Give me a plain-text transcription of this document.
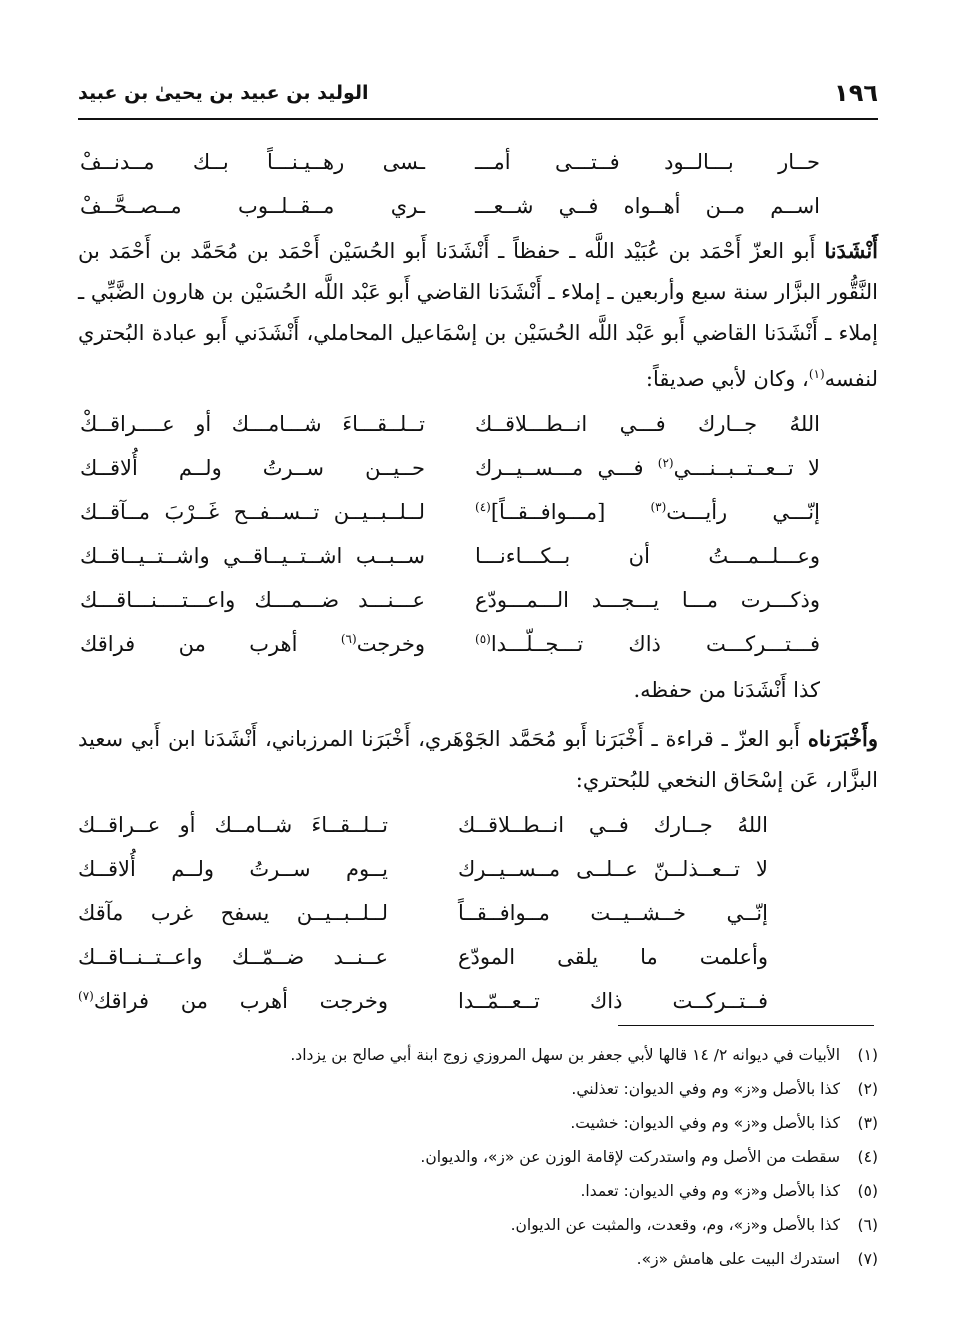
١٩٦
الوليد بن عبيد بن يحيىٰ بن عبيد
حــار بـــالــود فــتـــى أمـــ
ـسى رهــيـنـــاً بــك مــدنــفْ
اســم مــن أهــواه فــي شــعـــ
ـري مــقــلــوب مــصــحَّــفْ
أَنْشَدَنا أَبو العزّ أَحْمَد بن عُبَيْد اللَّه ـ حفظاً ـ أَنْشَدَنا أَبو الحُسَيْن أَحْمَد بن مُحَمَّد بن أَحْمَد بن النَّقُّور البزَّار سنة سبع وأربعين ـ إملاء ـ أَنْشَدَنا القاضي أَبو عَبْد اللَّه الحُسَيْن بن هارون الضَّبِّي ـ إملاء ـ أَنْشَدَنا القاضي أَبو عَبْد اللَّه الحُسَيْن بن إسْمَاعيل المحاملي، أَنْشَدَني أَبو عبادة البُحتري لنفسه$^{(١)}$، وكان لأبي صديقاً:
اللهُ جــارك فـــي انــطـــلاقــك
تــلــقـــاءَ شـــامـــك أو عــــراقــكْ
لا تــعــتــبــنـــي$^{(٢)}$ فـــي مـــســيــرك
حــيــن ســرتُ ولــم أُلاقــك
إنّـــي رأيـــت$^{(٣)}$ [مـــوافــقــاً]$^{(٤)}$
لــلــبــيــن تــســفــح غَــرْبَ مــآقــك
وعـــلــمـــتُ أن بــكـــاءنـــا
ســبــب اشــتــيــاقــي واشــتــيــاقــك
وذكـــرت مـــا يـــجـــد الـــمـــودّع
عـــنـــد ضـــمـــك واعـــتــــنـــاقـــك
فـــتـــركـــت ذاك تـــجــلّـــدا$^{(٥)}$
وخرجت$^{(٦)}$ أهرب من فراقك
كذا أَنْشَدَنا من حفظه.
وأَخْبَرَناه أَبو العزّ ـ قراءة ـ أَخْبَرَنا أَبو مُحَمَّد الجَوْهَري، أَخْبَرَنا المرزباني، أَنْشَدَنا ابن أَبي سعيد البزَّار، عَن إسْحَاق النخعي للبُحتري:
اللهُ جــارك فــي انــطــلاقــك
تــلــقــاءَ شــامــك أو عــراقــك
لا تــعــذلــنّ عــلــى مــســيــرك
يــوم ســرتُ ولــم أُلاقــك
إنّــي خــشــيــت مــوافــقــاً
لــلــبــيــن يسفح غرب مآقك
وأعلمت ما يلقى المودّع
عــنــد ضــمّــك واعــتــنــاقــك
فــتــركــت ذاك تــعــمّــدا
وخرجت أهرب من فراقك$^{(٧)}$
(١)
الأبيات في ديوانه ٢/ ١٤ قالها لأبي جعفر بن سهل المروزي زوج ابنة أبي صالح بن يزداد.
(٢)
كذا بالأصل و«ز» وم وفي الديوان: تعذلني.
(٣)
كذا بالأصل و«ز» وم وفي الديوان: خشيت.
(٤)
سقطت من الأصل وم واستدركت لإقامة الوزن عن «ز»، والديوان.
(٥)
كذا بالأصل و«ز» وم وفي الديوان: تعمدا.
(٦)
كذا بالأصل و«ز»، وم، وقعدت، والمثبت عن الديوان.
(٧)
استدرك البيت على هامش «ز».
